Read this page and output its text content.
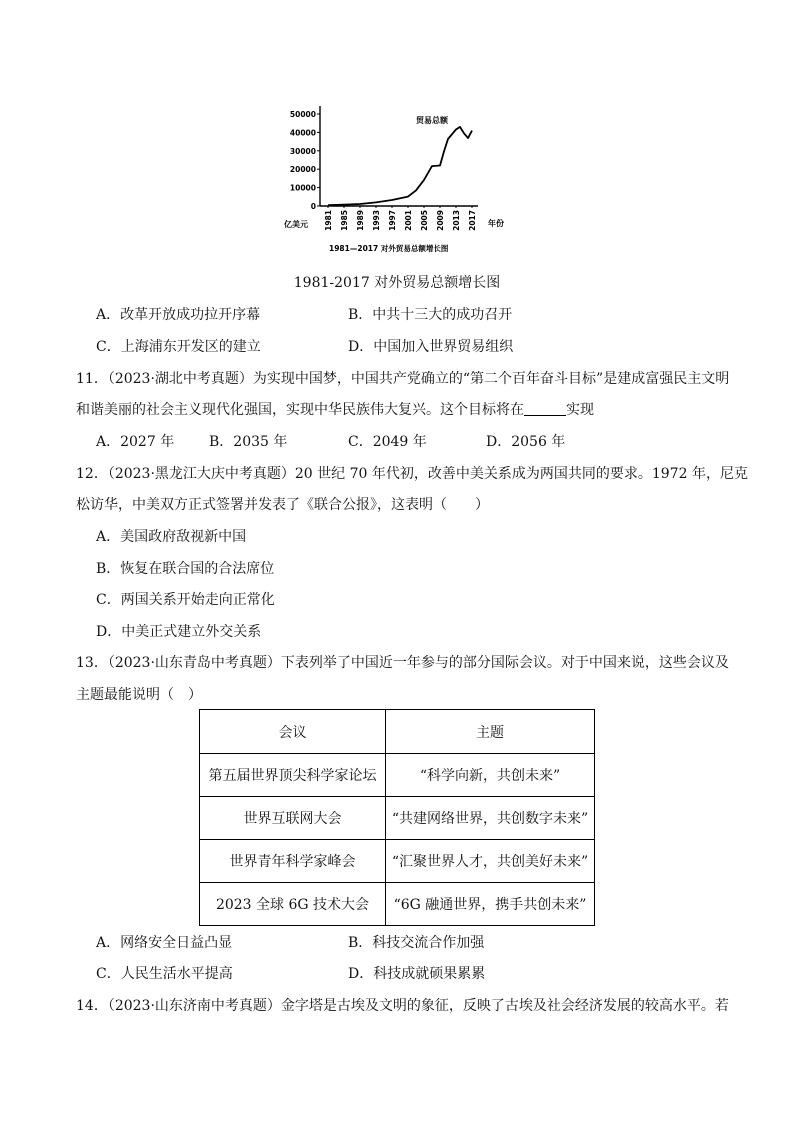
0
10000
20000
30000
40000
50000
1981 1985 1989 1993 1997 2001 2005 2009 2013 2017
贸易总额
亿美元	年份
1981—2017 对外贸易总额增长图
1981-2017 对外贸易总额增长图
A．改革开放成功拉开序幕	B．中共十三大的成功召开
C．上海浦东开发区的建立	D．中国加入世界贸易组织
11．（2023·湖北中考真题）为实现中国梦，中国共产党确立的“第二个百年奋斗目标”是建成富强民主文明
和谐美丽的社会主义现代化强国，实现中华民族伟大复兴。这个目标将在	实现
A．2027 年 B．2035 年	C．2049 年	D．2056 年
12．（2023·黑龙江大庆中考真题）20 世纪 70 年代初，改善中美关系成为两国共同的要求。1972 年，尼克
松访华，中美双方正式签署并发表了《联合公报》，这表明（　　）
A．美国政府敌视新中国
B．恢复在联合国的合法席位
C．两国关系开始走向正常化
D．中美正式建立外交关系
13．（2023·山东青岛中考真题）下表列举了中国近一年参与的部分国际会议。对于中国来说，这些会议及
主题最能说明（　）
会议	主题
第五届世界顶尖科学家论坛	“科学向新，共创未来”
世界互联网大会	“共建网络世界，共创数字未来”
世界青年科学家峰会	“汇聚世界人才，共创美好未来”
2023 全球 6G 技术大会	“6G 融通世界，携手共创未来”
A．网络安全日益凸显	B．科技交流合作加强
C．人民生活水平提高	D．科技成就硕果累累
14．（2023·山东济南中考真题）金字塔是古埃及文明的象征，反映了古埃及社会经济发展的较高水平。若
